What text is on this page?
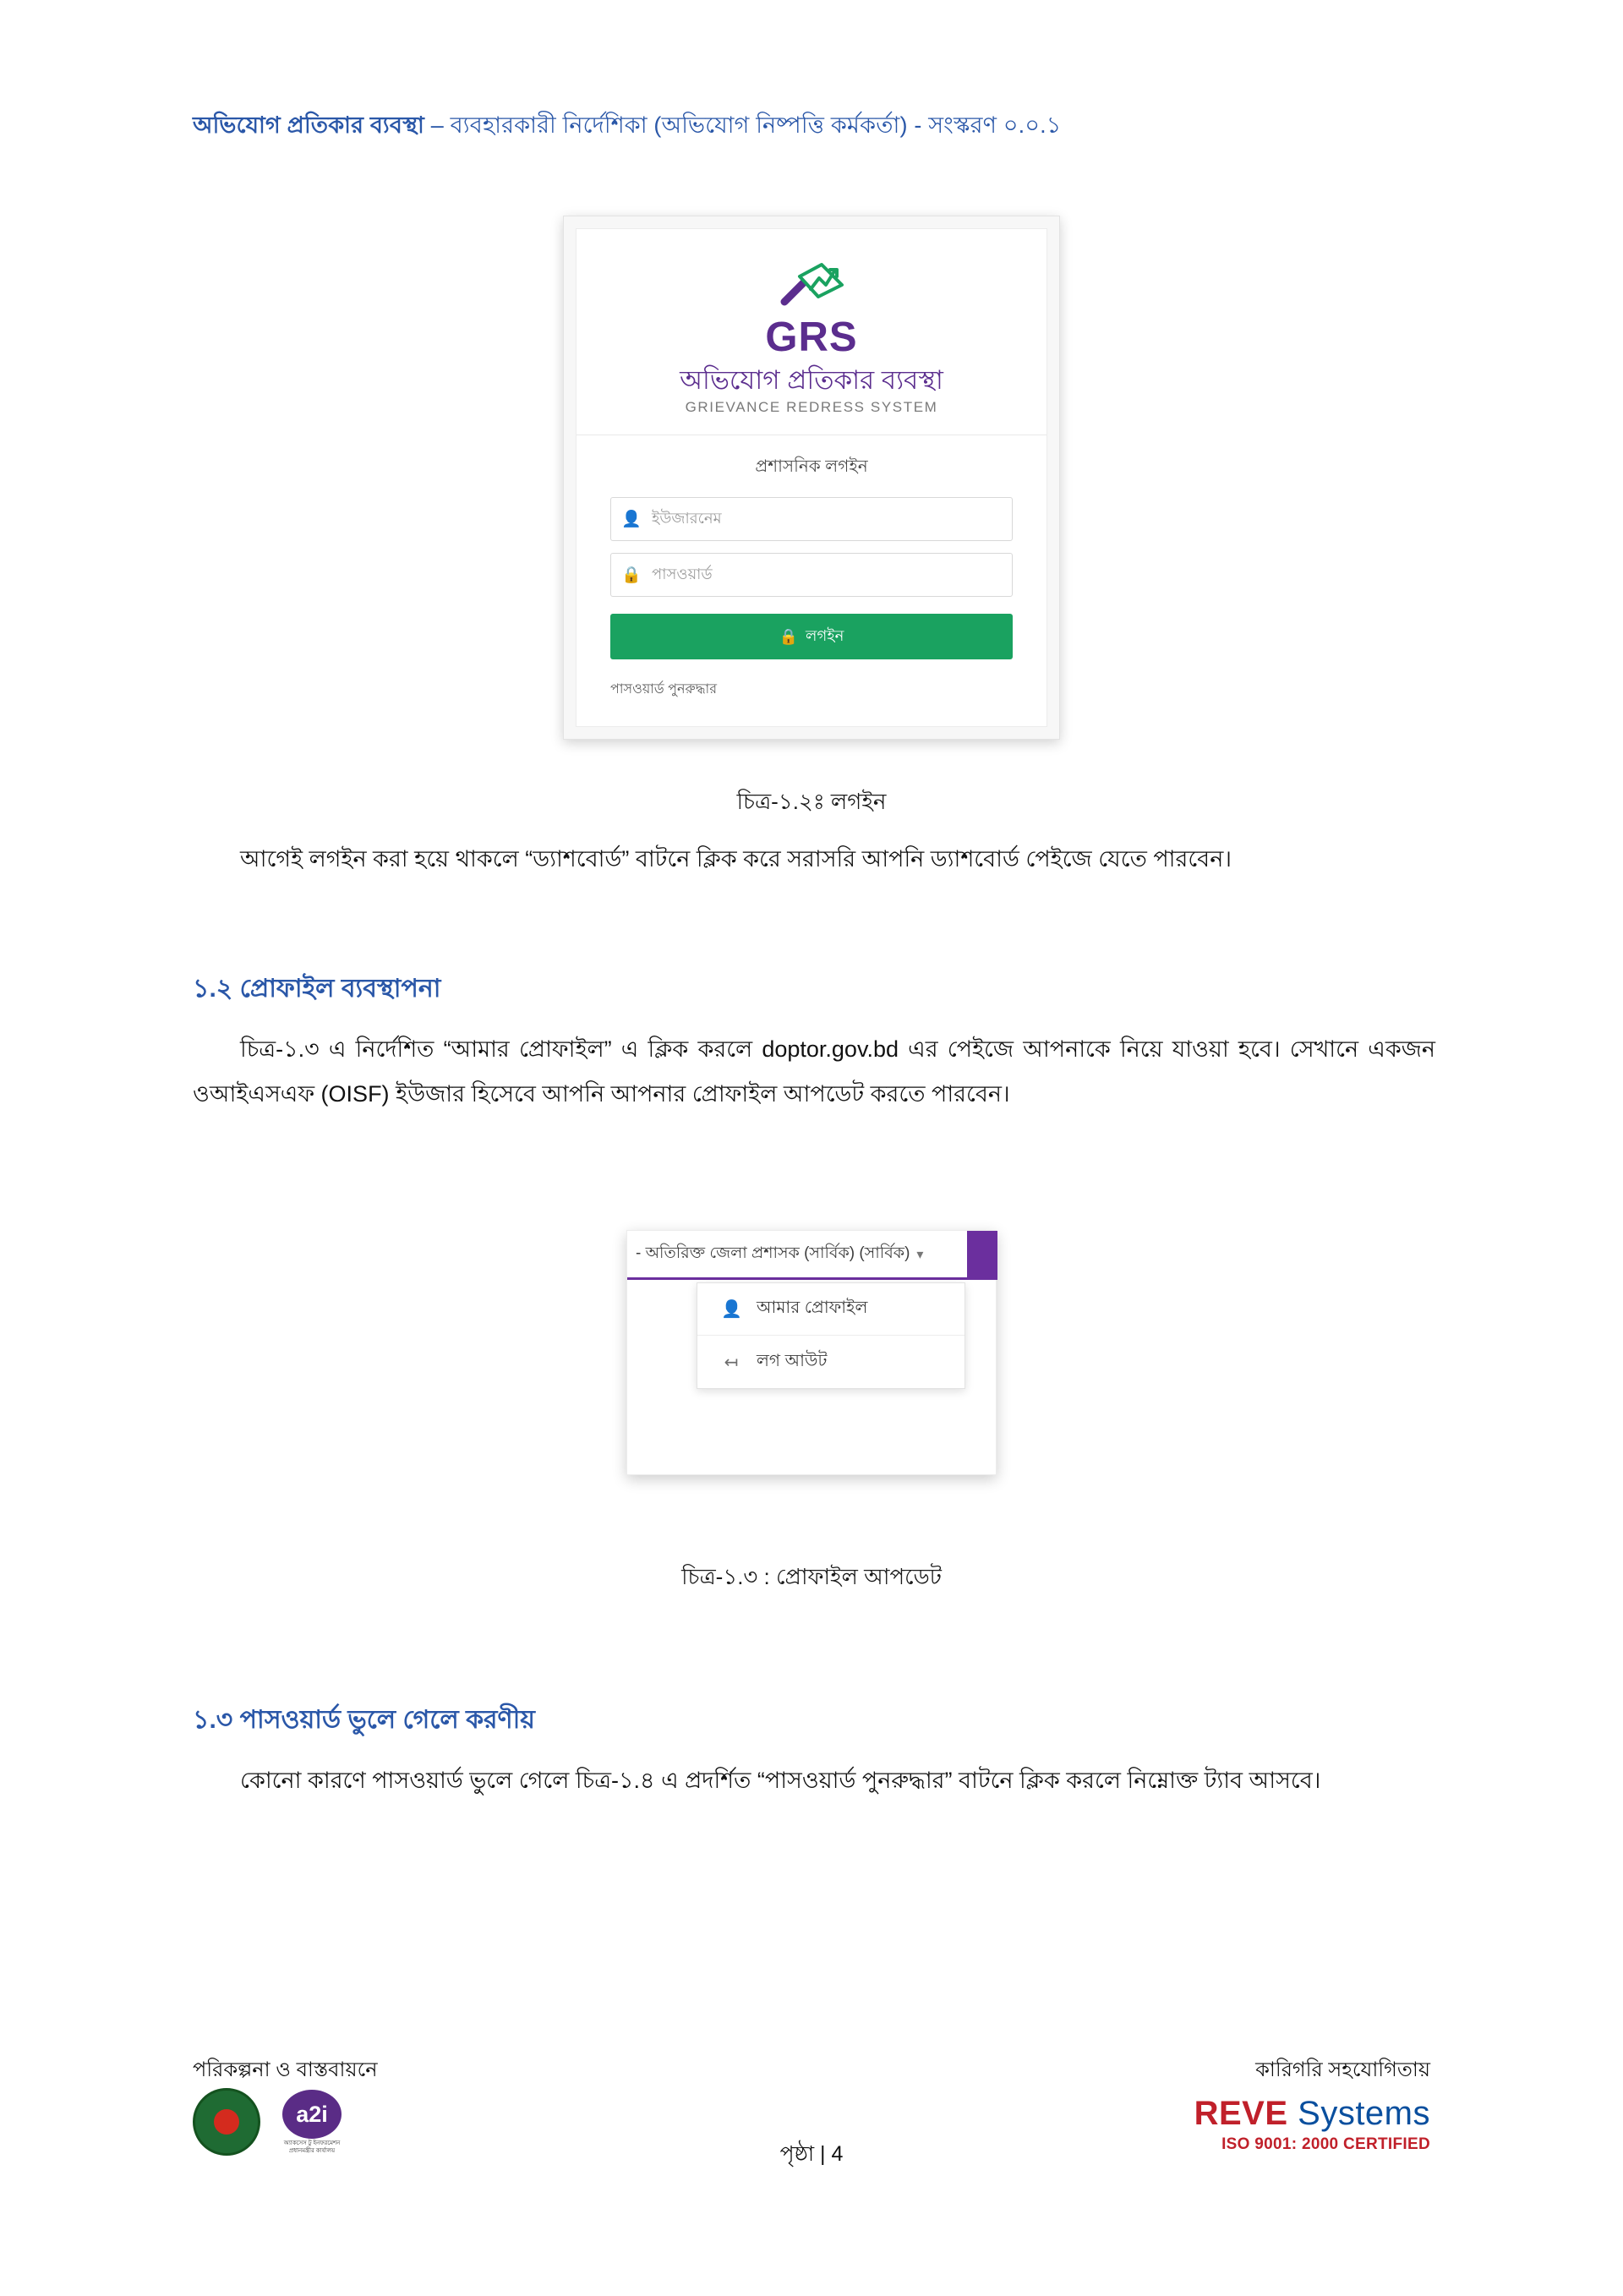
অভিযোগ প্রতিকার ব্যবস্থা – ব্যবহারকারী নির্দেশিকা (অভিযোগ নিষ্পত্তি কর্মকর্তা) - সংস্করণ ০.০.১
GRS
অভিযোগ প্রতিকার ব্যবস্থা
GRIEVANCE REDRESS SYSTEM
প্রশাসনিক লগইন
👤 ইউজারনেম
🔒 পাসওয়ার্ড
🔒 লগইন
পাসওয়ার্ড পুনরুদ্ধার
চিত্র-১.২ঃ লগইন
আগেই লগইন করা হয়ে থাকলে “ড্যাশবোর্ড” বাটনে ক্লিক করে সরাসরি আপনি ড্যাশবোর্ড পেইজে যেতে পারবেন।
১.২ প্রোফাইল ব্যবস্থাপনা
চিত্র-১.৩ এ নির্দেশিত “আমার প্রোফাইল” এ ক্লিক করলে doptor.gov.bd এর পেইজে আপনাকে নিয়ে যাওয়া হবে। সেখানে একজন ওআইএসএফ (OISF) ইউজার হিসেবে আপনি আপনার প্রোফাইল আপডেট করতে পারবেন।
- অতিরিক্ত জেলা প্রশাসক (সার্বিক) (সার্বিক) ▾
👤 আমার প্রোফাইল
↤ লগ আউট
চিত্র-১.৩ : প্রোফাইল আপডেট
১.৩ পাসওয়ার্ড ভুলে গেলে করণীয়
কোনো কারণে পাসওয়ার্ড ভুলে গেলে চিত্র-১.৪ এ প্রদর্শিত “পাসওয়ার্ড পুনরুদ্ধার” বাটনে ক্লিক করলে নিম্নোক্ত ট্যাব আসবে।
পরিকল্পনা ও বাস্তবায়নে	কারিগরি সহযোগিতায়
a2i
অ্যাকসেস টু ইনফরমেশন প্রধানমন্ত্রীর কার্যালয়	পৃষ্ঠা | 4
REVE Systems
ISO 9001: 2000 CERTIFIED
